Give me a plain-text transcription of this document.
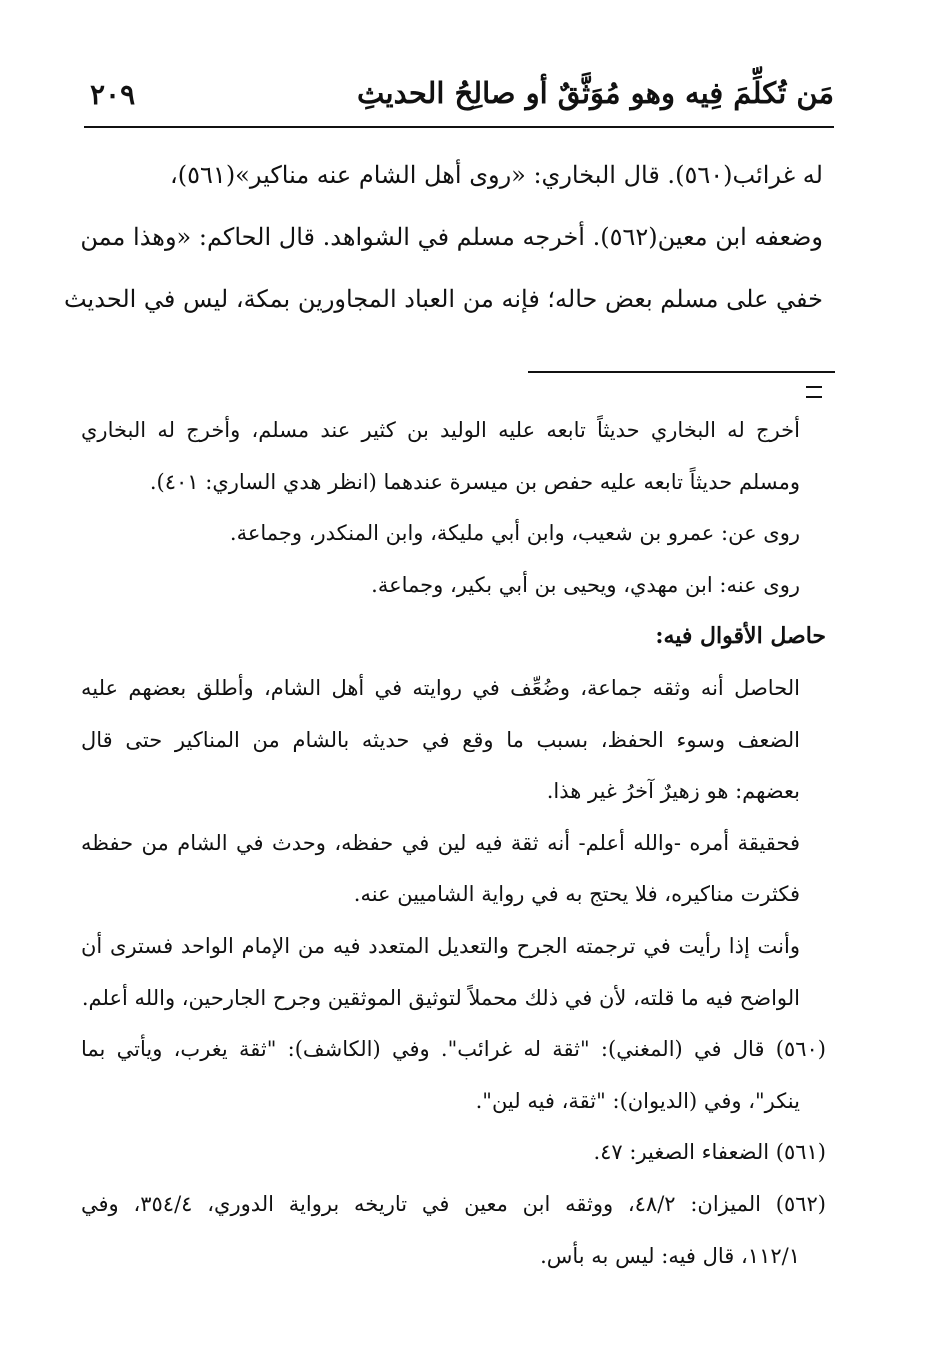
مَن تُكلِّمَ فِيه وهو مُوَثَّقٌ أو صالِحُ الحديثِ
٢٠٩
له غرائب(٥٦٠). قال البخاري: «روى أهل الشام عنه مناكير»(٥٦١)،
وضعفه ابن معين(٥٦٢). أخرجه مسلم في الشواهد. قال الحاكم: «وهذا ممن
خفي على مسلم بعض حاله؛ فإنه من العباد المجاورين بمكة، ليس في الحديث
أخرج له البخاري حديثاً تابعه عليه الوليد بن كثير عند مسلم، وأخرج له البخاري
ومسلم حديثاً تابعه عليه حفص بن ميسرة عندهما (انظر هدي الساري: ٤٠١).
روى عن: عمرو بن شعيب، وابن أبي مليكة، وابن المنكدر، وجماعة.
روى عنه: ابن مهدي، ويحيى بن أبي بكير، وجماعة.
حاصل الأقوال فيه:
الحاصل أنه وثقه جماعة، وضُعِّف في روايته في أهل الشام، وأطلق بعضهم عليه
الضعف وسوء الحفظ، بسبب ما وقع في حديثه بالشام من المناكير حتى قال
بعضهم: هو زهيرٌ آخرُ غير هذا.
فحقيقة أمره -والله أعلم- أنه ثقة فيه لين في حفظه، وحدث في الشام من حفظه
فكثرت مناكيره، فلا يحتج به في رواية الشاميين عنه.
وأنت إذا رأيت في ترجمته الجرح والتعديل المتعدد فيه من الإمام الواحد فسترى أن
الواضح فيه ما قلته، لأن في ذلك محملاً لتوثيق الموثقين وجرح الجارحين، والله أعلم.
(٥٦٠) قال في (المغني): "ثقة له غرائب". وفي (الكاشف): "ثقة يغرب، ويأتي بما
ينكر"، وفي (الديوان): "ثقة، فيه لين".
(٥٦١) الضعفاء الصغير: ٤٧.
(٥٦٢) الميزان: ٤٨/٢، ووثقه ابن معين في تاريخه برواية الدوري، ٣٥٤/٤، وفي
١١٢/١، قال فيه: ليس به بأس.
